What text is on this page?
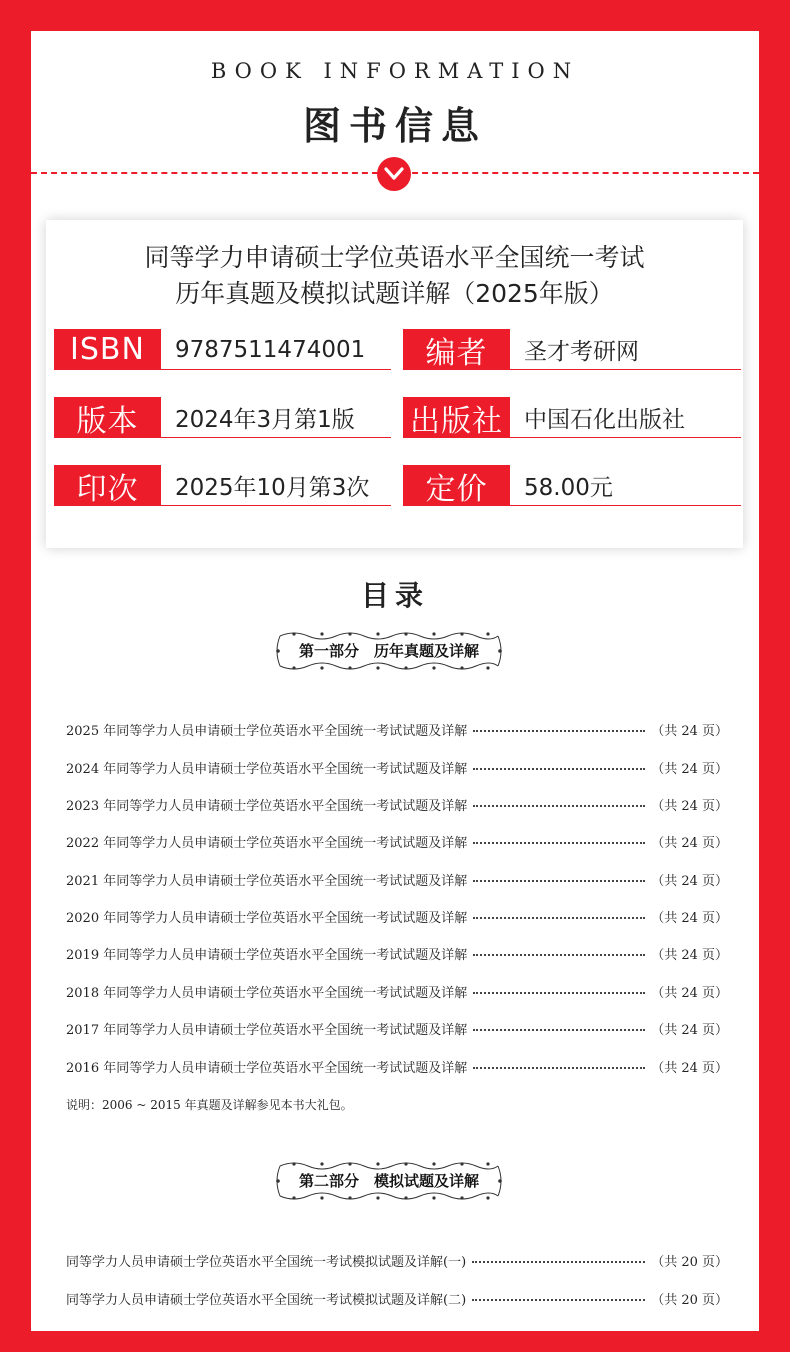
BOOK INFORMATION
图书信息
同等学力申请硕士学位英语水平全国统一考试
历年真题及模拟试题详解（2025年版）
ISBN	9787511474001	编者	圣才考研网
版本	2024年3月第1版	出版社 中国石化出版社
印次	2025年10月第3次	定价	58.00元
目录
第一部分　历年真题及详解
2025 年同等学力人员申请硕士学位英语水平全国统一考试试题及详解	（共 24 页）
2024 年同等学力人员申请硕士学位英语水平全国统一考试试题及详解	（共 24 页）
2023 年同等学力人员申请硕士学位英语水平全国统一考试试题及详解	（共 24 页）
2022 年同等学力人员申请硕士学位英语水平全国统一考试试题及详解	（共 24 页）
2021 年同等学力人员申请硕士学位英语水平全国统一考试试题及详解	（共 24 页）
2020 年同等学力人员申请硕士学位英语水平全国统一考试试题及详解	（共 24 页）
2019 年同等学力人员申请硕士学位英语水平全国统一考试试题及详解	（共 24 页）
2018 年同等学力人员申请硕士学位英语水平全国统一考试试题及详解	（共 24 页）
2017 年同等学力人员申请硕士学位英语水平全国统一考试试题及详解	（共 24 页）
2016 年同等学力人员申请硕士学位英语水平全国统一考试试题及详解	（共 24 页）
说明：2006 ~ 2015 年真题及详解参见本书大礼包。
第二部分　模拟试题及详解
同等学力人员申请硕士学位英语水平全国统一考试模拟试题及详解(一)	（共 20 页）
同等学力人员申请硕士学位英语水平全国统一考试模拟试题及详解(二)	（共 20 页）
